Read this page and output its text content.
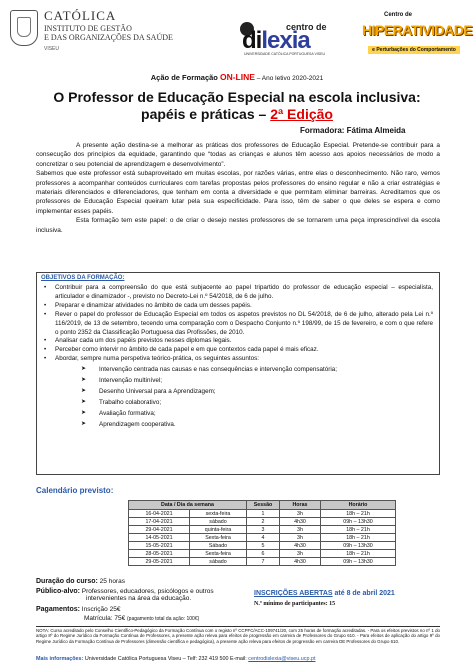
CATÓLICA
INSTITUTO DE GESTÃO
E DAS ORGANIZAÇÕES DA SAÚDE
VISEU
centro de
dilexia
UNIVERSIDADE CATÓLICA PORTUGUESA VISEU
Centro de
HIPERATIVIDADE
e Perturbações do Comportamento
Ação de Formação ON-LINE – Ano letivo 2020-2021
O Professor de Educação Especial na escola inclusiva:
papéis e práticas – 2ª Edição
Formadora: Fátima Almeida

A presente ação destina-se a melhorar as práticas dos professores de Educação Especial. Pretende-se contribuir para a consecução dos princípios da equidade, garantindo que “todas as crianças e alunos têm acesso aos apoios necessários de modo a concretizar o seu potencial de aprendizagem e desenvolvimento”.

Sabemos que este professor está subaproveitado em muitas escolas, por razões várias, entre elas o desconhecimento. Não raro, vemos professores a acompanhar conteúdos curriculares com tarefas propostas pelos professores do ensino regular e não a criar estratégias e materiais diferenciados e diferenciadores, que tenham em conta a diversidade e que permitam eliminar barreiras. Acreditamos que os professores de Educação Especial queiram lutar pela sua especificidade. Para isso, têm de saber o que deles se espera e como implementar esses papéis.

Esta formação tem este papel: o de criar o desejo nestes professores de se tornarem uma peça imprescindível da escola inclusiva.

OBJETIVOS DA FORMAÇÃO:
• Contribuir para a compreensão do que está subjacente ao papel tripartido do professor de educação especial – especialista, articulador e dinamizador -, previsto no Decreto-Lei n.º 54/2018, de 6 de julho.
• Preparar e dinamizar atividades no âmbito de cada um desses papéis.
• Rever o papel do professor de Educação Especial em todos os aspetos previstos no DL 54/2018, de 6 de julho, alterado pela Lei n.º 116/2019, de 13 de setembro, tecendo uma comparação com o Despacho Conjunto n.º 198/99, de 15 de fevereiro, e com o que refere o ponto 2352 da Classificação Portuguesa das Profissões, de 2010.
• Analisar cada um dos papéis previstos nesses diplomas legais.
• Perceber como intervir no âmbito de cada papel e em que contextos cada papel é mais eficaz.
• Abordar, sempre numa perspetiva teórico-prática, os seguintes assuntos:
➤ Intervenção centrada nas causas e nas consequências e intervenção compensatória;
➤ Intervenção multinível;
➤ Desenho Universal para a Aprendizagem;
➤ Trabalho colaborativo;
➤ Avaliação formativa;
➤ Aprendizagem cooperativa.
Calendário previsto:
Data / Dia da semana		Sessão	Horas	Horário
16-04-2021	sexta-feira	1	3h	18h – 21h
17-04-2021	sábado	2	4h30	09h – 13h30
29-04-2021	quinta-feira	3	3h	18h – 21h
14-05-2021	Sexta-feira	4	3h	18h – 21h
15-05-2021	Sábado	5	4h30	09h – 13h30
28-05-2021	Sexta-feira	6	3h	18h – 21h
29-05-2021	sábado	7	4h30	09h – 13h30
Duração do curso: 25 horas
Público-alvo: Professores, educadores, psicólogos e outros
intervenientes na área da educação.
Pagamentos: Inscrição 25€
Matrícula: 75€ (pagamento total da ação: 100€)
INSCRIÇÕES ABERTAS até 8 de abril 2021
N.º mínimo de participantes: 15
NOTA: Curso acreditado pelo Conselho Científico-Pedagógico da Formação Contínua com o registo nº CCPFC/ACC-109741/20, com 25 horas de formação acreditadas. - Para os efeitos previstos no nº 1 do artigo 8º do Regime Jurídico da Formação Contínua de Professores, a presente ação releva para efeitos de progressão em carreira de Professores do Grupo 610. - Para efeitos de aplicação do artigo 9º do Regime Jurídico da Formação Contínua de Professores (dimensão científica e pedagógica), a presente ação releva para efeitos de progressão em carreira DE Professores do Grupo 610.
Mais informações: Universidade Católica Portuguesa Viseu – Telf: 232 419 500 E-mail: centrodislexia@viseu.ucp.pt
